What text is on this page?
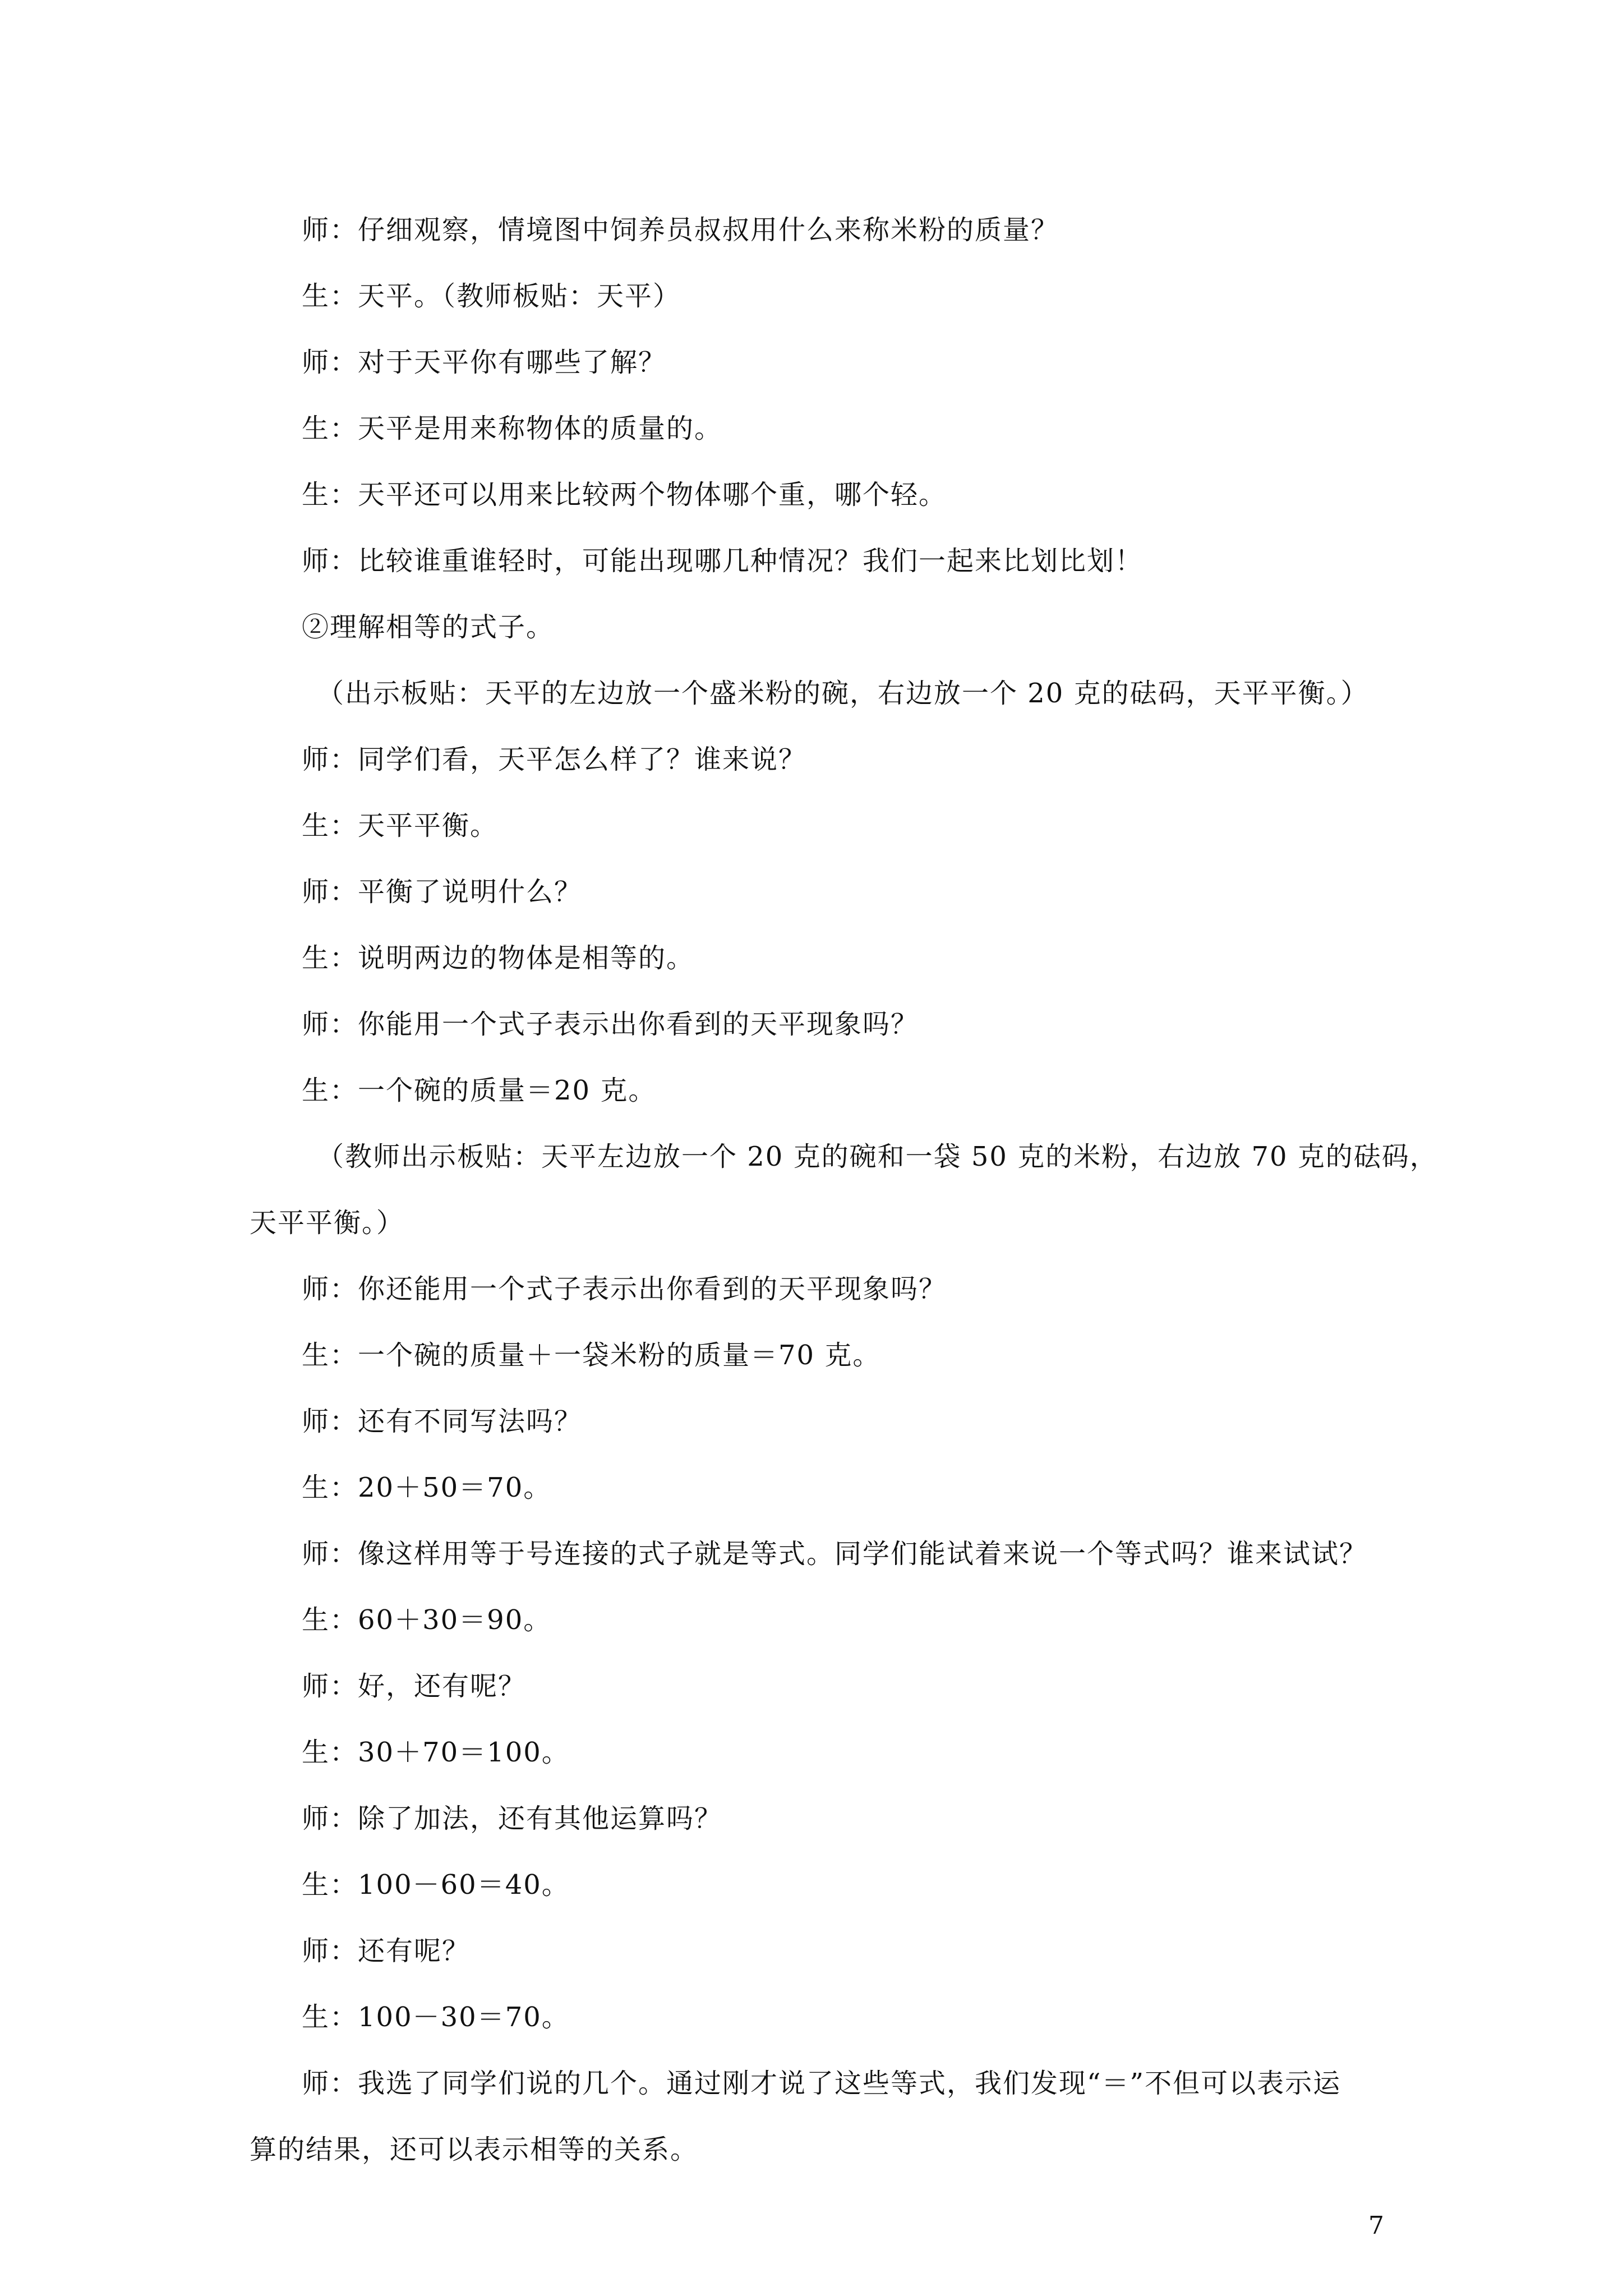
师：仔细观察，情境图中饲养员叔叔用什么来称米粉的质量？
生：天平。（教师板贴：天平）
师：对于天平你有哪些了解？
生：天平是用来称物体的质量的。
生：天平还可以用来比较两个物体哪个重，哪个轻。
师：比较谁重谁轻时，可能出现哪几种情况？我们一起来比划比划！
②理解相等的式子。
（出示板贴：天平的左边放一个盛米粉的碗，右边放一个 20 克的砝码，天平平衡。）
师：同学们看，天平怎么样了？谁来说？
生：天平平衡。
师：平衡了说明什么？
生：说明两边的物体是相等的。
师：你能用一个式子表示出你看到的天平现象吗？
生：一个碗的质量＝20 克。
（教师出示板贴：天平左边放一个 20 克的碗和一袋 50 克的米粉，右边放 70 克的砝码，
天平平衡。）
师：你还能用一个式子表示出你看到的天平现象吗？
生：一个碗的质量＋一袋米粉的质量＝70 克。
师：还有不同写法吗？
生：20＋50＝70。
师：像这样用等于号连接的式子就是等式。同学们能试着来说一个等式吗？谁来试试？
生：60＋30＝90。
师：好，还有呢？
生：30＋70＝100。
师：除了加法，还有其他运算吗？
生：100－60＝40。
师：还有呢？
生：100－30＝70。
师：我选了同学们说的几个。通过刚才说了这些等式，我们发现“＝”不但可以表示运
算的结果，还可以表示相等的关系。
7
